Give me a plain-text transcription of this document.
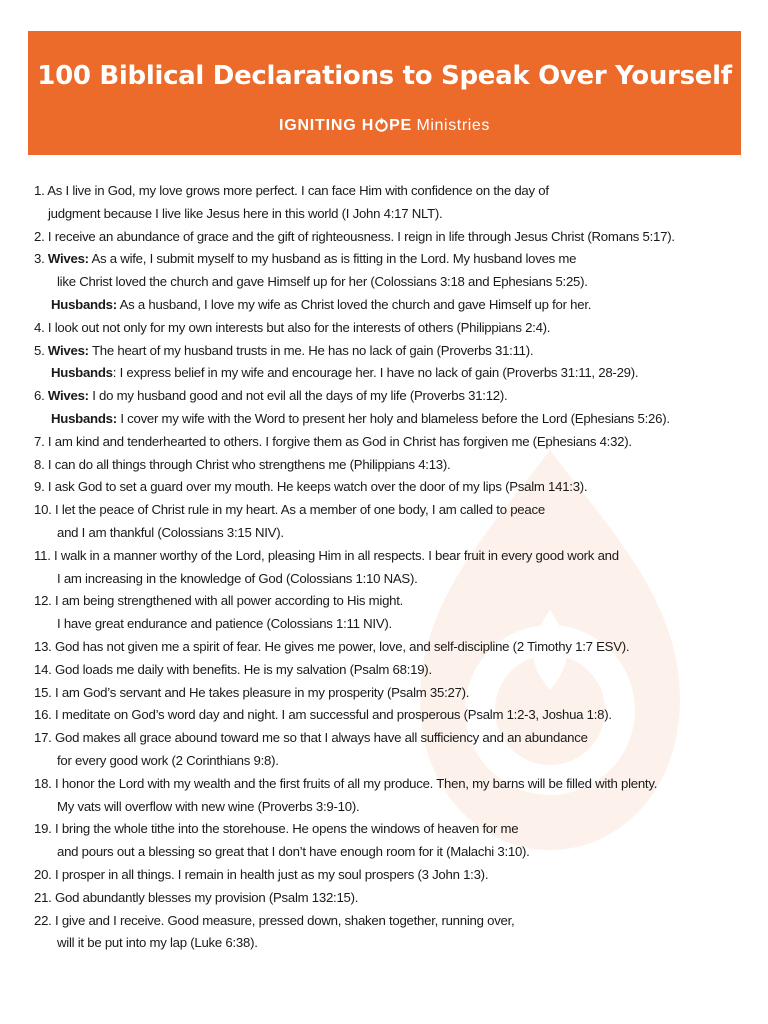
100 Biblical Declarations to Speak Over Yourself
IGNITING H PE Ministries
1. As I live in God, my love grows more perfect. I can face Him with confidence on the day of
judgment because I live like Jesus here in this world (I John 4:17 NLT).
2. I receive an abundance of grace and the gift of righteousness. I reign in life through Jesus Christ (Romans 5:17).
3. Wives: As a wife, I submit myself to my husband as is fitting in the Lord. My husband loves me
like Christ loved the church and gave Himself up for her (Colossians 3:18 and Ephesians 5:25).
Husbands: As a husband, I love my wife as Christ loved the church and gave Himself up for her.
4. I look out not only for my own interests but also for the interests of others (Philippians 2:4).
5. Wives: The heart of my husband trusts in me. He has no lack of gain (Proverbs 31:11).
Husbands: I express belief in my wife and encourage her. I have no lack of gain (Proverbs 31:11, 28-29).
6. Wives: I do my husband good and not evil all the days of my life (Proverbs 31:12).
Husbands: I cover my wife with the Word to present her holy and blameless before the Lord (Ephesians 5:26).
7. I am kind and tenderhearted to others. I forgive them as God in Christ has forgiven me (Ephesians 4:32).
8. I can do all things through Christ who strengthens me (Philippians 4:13).
9. I ask God to set a guard over my mouth. He keeps watch over the door of my lips (Psalm 141:3).
10. I let the peace of Christ rule in my heart. As a member of one body, I am called to peace
and I am thankful (Colossians 3:15 NIV).
11. I walk in a manner worthy of the Lord, pleasing Him in all respects. I bear fruit in every good work and
I am increasing in the knowledge of God (Colossians 1:10 NAS).
12. I am being strengthened with all power according to His might.
I have great endurance and patience (Colossians 1:11 NIV).
13. God has not given me a spirit of fear. He gives me power, love, and self-discipline (2 Timothy 1:7 ESV).
14. God loads me daily with benefits. He is my salvation (Psalm 68:19).
15. I am God’s servant and He takes pleasure in my prosperity (Psalm 35:27).
16. I meditate on God’s word day and night. I am successful and prosperous (Psalm 1:2-3, Joshua 1:8).
17. God makes all grace abound toward me so that I always have all sufficiency and an abundance
for every good work (2 Corinthians 9:8).
18. I honor the Lord with my wealth and the first fruits of all my produce. Then, my barns will be filled with plenty.
My vats will overflow with new wine (Proverbs 3:9-10).
19. I bring the whole tithe into the storehouse. He opens the windows of heaven for me
and pours out a blessing so great that I don’t have enough room for it (Malachi 3:10).
20. I prosper in all things. I remain in health just as my soul prospers (3 John 1:3).
21. God abundantly blesses my provision (Psalm 132:15).
22. I give and I receive. Good measure, pressed down, shaken together, running over,
will it be put into my lap (Luke 6:38).
